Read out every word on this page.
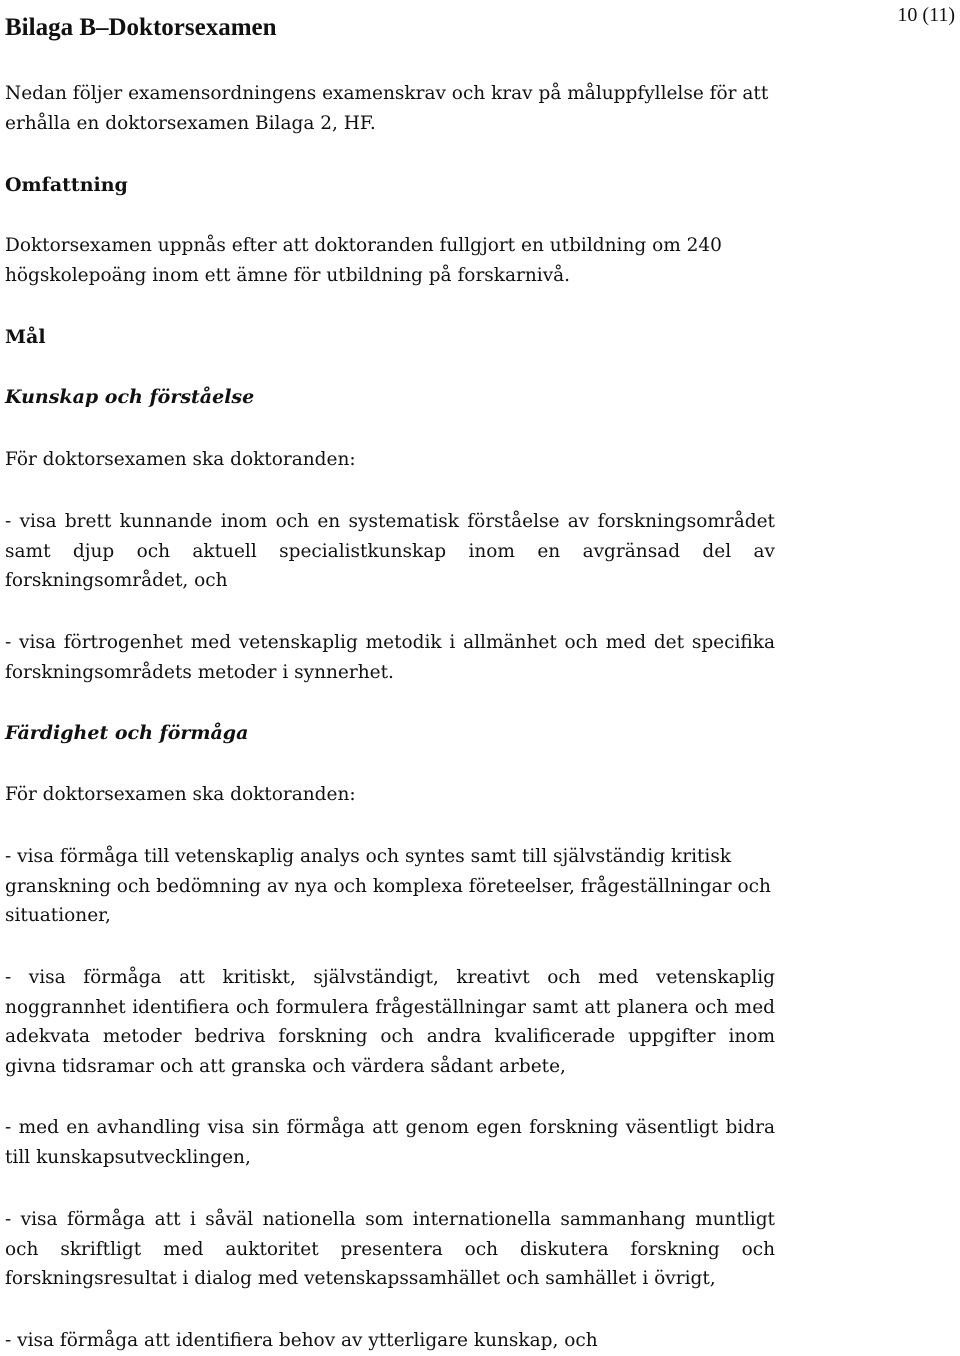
Bilaga B–Doktorsexamen	10 (11)

Nedan följer examensordningens examenskrav och krav på måluppfyllelse för att erhålla en doktorsexamen Bilaga 2, HF.

Omfattning

Doktorsexamen uppnås efter att doktoranden fullgjort en utbildning om 240 högskolepoäng inom ett ämne för utbildning på forskarnivå.

Mål
Kunskap och förståelse

För doktorsexamen ska doktoranden:

- visa brett kunnande inom och en systematisk förståelse av forskningsområdet samt djup och aktuell specialistkunskap inom en avgränsad del av forskningsområdet, och

- visa förtrogenhet med vetenskaplig metodik i allmänhet och med det specifika forskningsområdets metoder i synnerhet.

Färdighet och förmåga

För doktorsexamen ska doktoranden:

- visa förmåga till vetenskaplig analys och syntes samt till självständig kritisk granskning och bedömning av nya och komplexa företeelser, frågeställningar och situationer,

- visa förmåga att kritiskt, självständigt, kreativt och med vetenskaplig noggrannhet identifiera och formulera frågeställningar samt att planera och med adekvata metoder bedriva forskning och andra kvalificerade uppgifter inom givna tidsramar och att granska och värdera sådant arbete,

- med en avhandling visa sin förmåga att genom egen forskning väsentligt bidra till kunskapsutvecklingen,

- visa förmåga att i såväl nationella som internationella sammanhang muntligt och skriftligt med auktoritet presentera och diskutera forskning och forskningsresultat i dialog med vetenskapssamhället och samhället i övrigt,

- visa förmåga att identifiera behov av ytterligare kunskap, och
